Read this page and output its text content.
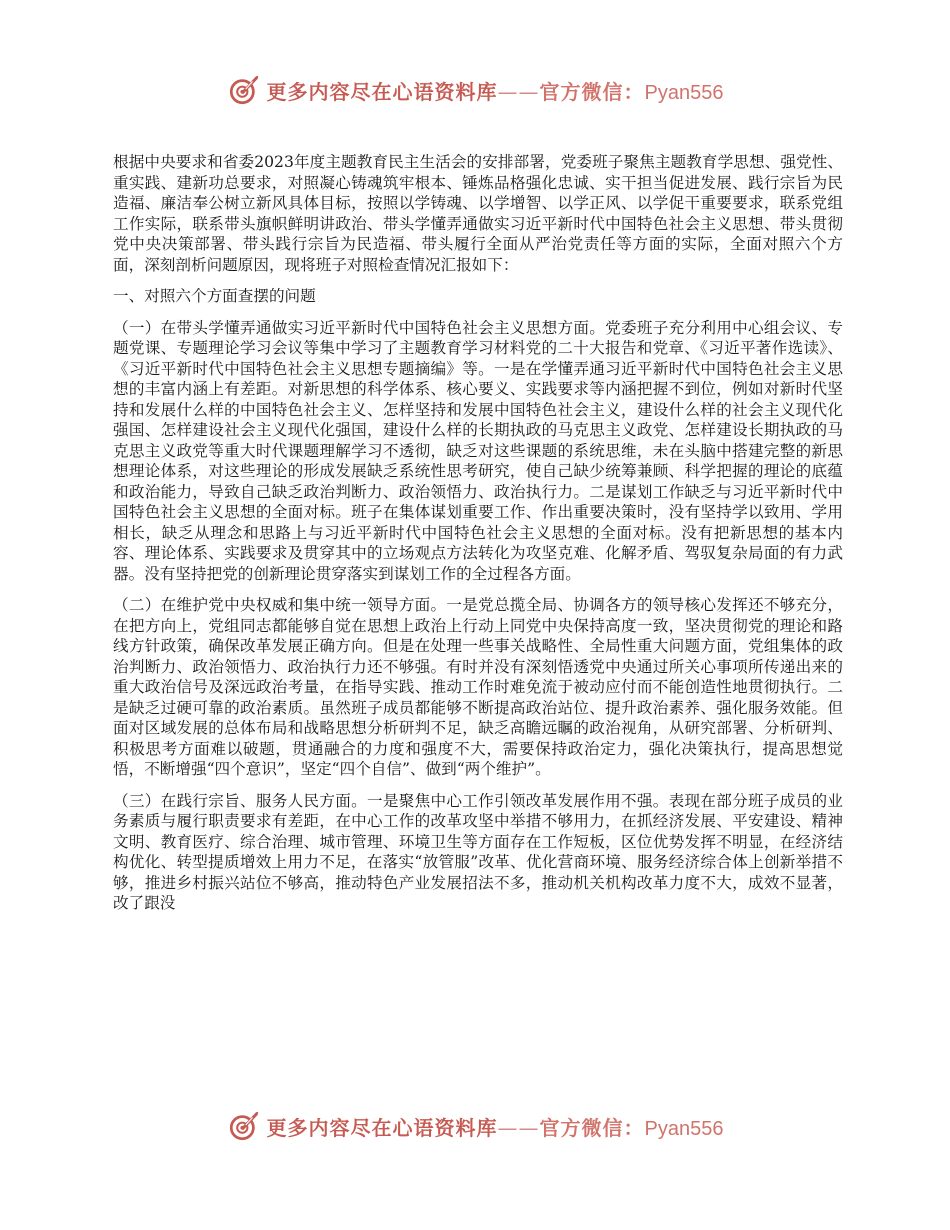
更多内容尽在心语资料库——官方微信：Pyan556

根据中央要求和省委2023年度主题教育民主生活会的安排部署，党委班子聚焦主题教育学思想、强党性、重实践、建新功总要求，对照凝心铸魂筑牢根本、锤炼品格强化忠诚、实干担当促进发展、践行宗旨为民造福、廉洁奉公树立新风具体目标，按照以学铸魂、以学增智、以学正风、以学促干重要要求，联系党组工作实际，联系带头旗帜鲜明讲政治、带头学懂弄通做实习近平新时代中国特色社会主义思想、带头贯彻党中央决策部署、带头践行宗旨为民造福、带头履行全面从严治党责任等方面的实际，全面对照六个方面，深刻剖析问题原因，现将班子对照检查情况汇报如下：

一、对照六个方面查摆的问题

（一）在带头学懂弄通做实习近平新时代中国特色社会主义思想方面。党委班子充分利用中心组会议、专题党课、专题理论学习会议等集中学习了主题教育学习材料党的二十大报告和党章、《习近平著作选读》、《习近平新时代中国特色社会主义思想专题摘编》等。一是在学懂弄通习近平新时代中国特色社会主义思想的丰富内涵上有差距。对新思想的科学体系、核心要义、实践要求等内涵把握不到位，例如对新时代坚持和发展什么样的中国特色社会主义、怎样坚持和发展中国特色社会主义，建设什么样的社会主义现代化强国、怎样建设社会主义现代化强国，建设什么样的长期执政的马克思主义政党、怎样建设长期执政的马克思主义政党等重大时代课题理解学习不透彻，缺乏对这些课题的系统思维，未在头脑中搭建完整的新思想理论体系，对这些理论的形成发展缺乏系统性思考研究，使自己缺少统筹兼顾、科学把握的理论的底蕴和政治能力，导致自己缺乏政治判断力、政治领悟力、政治执行力。二是谋划工作缺乏与习近平新时代中国特色社会主义思想的全面对标。班子在集体谋划重要工作、作出重要决策时，没有坚持学以致用、学用相长，缺乏从理念和思路上与习近平新时代中国特色社会主义思想的全面对标。没有把新思想的基本内容、理论体系、实践要求及贯穿其中的立场观点方法转化为攻坚克难、化解矛盾、驾驭复杂局面的有力武器。没有坚持把党的创新理论贯穿落实到谋划工作的全过程各方面。

（二）在维护党中央权威和集中统一领导方面。一是党总揽全局、协调各方的领导核心发挥还不够充分，在把方向上，党组同志都能够自觉在思想上政治上行动上同党中央保持高度一致，坚决贯彻党的理论和路线方针政策，确保改革发展正确方向。但是在处理一些事关战略性、全局性重大问题方面，党组集体的政治判断力、政治领悟力、政治执行力还不够强。有时并没有深刻悟透党中央通过所关心事项所传递出来的重大政治信号及深远政治考量，在指导实践、推动工作时难免流于被动应付而不能创造性地贯彻执行。二是缺乏过硬可靠的政治素质。虽然班子成员都能够不断提高政治站位、提升政治素养、强化服务效能。但面对区域发展的总体布局和战略思想分析研判不足，缺乏高瞻远瞩的政治视角，从研究部署、分析研判、积极思考方面难以破题，贯通融合的力度和强度不大，需要保持政治定力，强化决策执行，提高思想觉悟，不断增强“四个意识”，坚定“四个自信”、做到“两个维护”。

（三）在践行宗旨、服务人民方面。一是聚焦中心工作引领改革发展作用不强。表现在部分班子成员的业务素质与履行职责要求有差距，在中心工作的改革攻坚中举措不够用力，在抓经济发展、平安建设、精神文明、教育医疗、综合治理、城市管理、环境卫生等方面存在工作短板，区位优势发挥不明显，在经济结构优化、转型提质增效上用力不足，在落实“放管服”改革、优化营商环境、服务经济综合体上创新举措不够，推进乡村振兴站位不够高，推动特色产业发展招法不多，推动机关机构改革力度不大，成效不显著，改了跟没

更多内容尽在心语资料库——官方微信：Pyan556
